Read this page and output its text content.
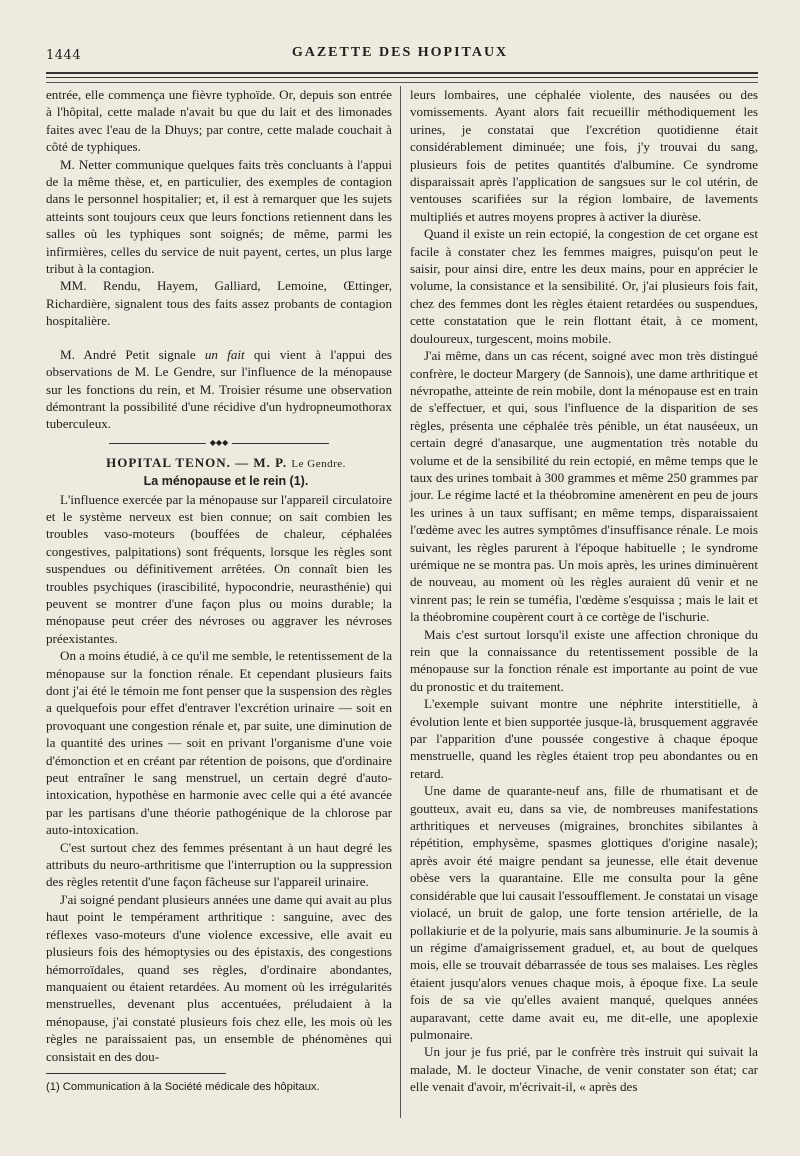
1444	GAZETTE DES HOPITAUX

entrée, elle commença une fièvre typhoïde. Or, depuis son entrée à l'hôpital, cette malade n'avait bu que du lait et des limonades faites avec l'eau de la Dhuys; par contre, cette malade couchait à côté de typhiques.

M. Netter communique quelques faits très concluants à l'appui de la même thèse, et, en particulier, des exemples de contagion dans le personnel hospitalier; et, il est à remarquer que les sujets atteints sont toujours ceux que leurs fonctions retiennent dans les salles où les typhiques sont soignés; de même, parmi les infirmières, celles du service de nuit payent, certes, un plus large tribut à la contagion.

MM. Rendu, Hayem, Galliard, Lemoine, Œttinger, Richardière, signalent tous des faits assez probants de contagion hospitalière.

M. André Petit signale un fait qui vient à l'appui des observations de M. Le Gendre, sur l'influence de la ménopause sur les fonctions du rein, et M. Troisier résume une observation démontrant la possibilité d'une récidive d'un hydropneumothorax tuberculeux.

◆◆◆

HOPITAL TENON. — M. P. Le Gendre.

La ménopause et le rein (1).

L'influence exercée par la ménopause sur l'appareil circulatoire et le système nerveux est bien connue; on sait combien les troubles vaso-moteurs (bouffées de chaleur, céphalées congestives, palpitations) sont fréquents, lorsque les règles sont suspendues ou définitivement arrêtées. On connaît bien les troubles psychiques (irascibilité, hypocondrie, neurasthénie) qui peuvent se montrer d'une façon plus ou moins durable; la ménopause peut créer des névroses ou aggraver les névroses préexistantes.

On a moins étudié, à ce qu'il me semble, le retentissement de la ménopause sur la fonction rénale. Et cependant plusieurs faits dont j'ai été le témoin me font penser que la suspension des règles a quelquefois pour effet d'entraver l'excrétion urinaire — soit en provoquant une congestion rénale et, par suite, une diminution de la quantité des urines — soit en privant l'organisme d'une voie d'émonction et en créant par rétention de poisons, que d'ordinaire peut entraîner le sang menstruel, un certain degré d'auto-intoxication, hypothèse en harmonie avec celle qui a été avancée par les partisans d'une théorie pathogénique de la chlorose par auto-intoxication.

C'est surtout chez des femmes présentant à un haut degré les attributs du neuro-arthritisme que l'interruption ou la suppression des règles retentit d'une façon fâcheuse sur l'appareil urinaire.

J'ai soigné pendant plusieurs années une dame qui avait au plus haut point le tempérament arthritique : sanguine, avec des réflexes vaso-moteurs d'une violence excessive, elle avait eu plusieurs fois des hémoptysies ou des épistaxis, des congestions hémorroïdales, quand ses règles, d'ordinaire abondantes, manquaient ou étaient retardées. Au moment où les irrégularités menstruelles, devenant plus accentuées, préludaient à la ménopause, j'ai constaté plusieurs fois chez elle, les mois où les règles ne paraissaient pas, un ensemble de phénomènes qui consistait en des dou-

(1) Communication à la Société médicale des hôpitaux.

leurs lombaires, une céphalée violente, des nausées ou des vomissements. Ayant alors fait recueillir méthodiquement les urines, je constatai que l'excrétion quotidienne était considérablement diminuée; une fois, j'y trouvai du sang, plusieurs fois de petites quantités d'albumine. Ce syndrome disparaissait après l'application de sangsues sur le col utérin, de ventouses scarifiées sur la région lombaire, de lavements multipliés et autres moyens propres à activer la diurèse.

Quand il existe un rein ectopié, la congestion de cet organe est facile à constater chez les femmes maigres, puisqu'on peut le saisir, pour ainsi dire, entre les deux mains, pour en apprécier le volume, la consistance et la sensibilité. Or, j'ai plusieurs fois fait, chez des femmes dont les règles étaient retardées ou suspendues, cette constatation que le rein flottant était, à ce moment, douloureux, turgescent, moins mobile.

J'ai même, dans un cas récent, soigné avec mon très distingué confrère, le docteur Margery (de Sannois), une dame arthritique et névropathe, atteinte de rein mobile, dont la ménopause est en train de s'effectuer, et qui, sous l'influence de la disparition de ses règles, présenta une céphalée très pénible, un état nauséeux, un certain degré d'anasarque, une augmentation très notable du volume et de la sensibilité du rein ectopié, en même temps que le taux des urines tombait à 300 grammes et même 250 grammes par jour. Le régime lacté et la théobromine amenèrent en peu de jours les urines à un taux suffisant; en même temps, disparaissaient l'œdème avec les autres symptômes d'insuffisance rénale. Le mois suivant, les règles parurent à l'époque habituelle ; le syndrome urémique ne se montra pas. Un mois après, les urines diminuèrent de nouveau, au moment où les règles auraient dû venir et ne vinrent pas; le rein se tuméfia, l'œdème s'esquissa ; mais le lait et la théobromine coupèrent court à ce cortège de l'ischurie.

Mais c'est surtout lorsqu'il existe une affection chronique du rein que la connaissance du retentissement possible de la ménopause sur la fonction rénale est importante au point de vue du pronostic et du traitement.

L'exemple suivant montre une néphrite interstitielle, à évolution lente et bien supportée jusque-là, brusquement aggravée par l'apparition d'une poussée congestive à chaque époque menstruelle, quand les règles étaient trop peu abondantes ou en retard.

Une dame de quarante-neuf ans, fille de rhumatisant et de goutteux, avait eu, dans sa vie, de nombreuses manifestations arthritiques et nerveuses (migraines, bronchites sibilantes à répétition, emphysème, spasmes glottiques d'origine nasale); après avoir été maigre pendant sa jeunesse, elle était devenue obèse vers la quarantaine. Elle me consulta pour la gêne considérable que lui causait l'essoufflement. Je constatai un visage violacé, un bruit de galop, une forte tension artérielle, de la pollakiurie et de la polyurie, mais sans albuminurie. Je la soumis à un régime d'amaigrissement graduel, et, au bout de quelques mois, elle se trouvait débarrassée de tous ses malaises. Les règles étaient jusqu'alors venues chaque mois, à époque fixe. La seule fois de sa vie qu'elles avaient manqué, quelques années auparavant, cette dame avait eu, me dit-elle, une apoplexie pulmonaire.

Un jour je fus prié, par le confrère très instruit qui suivait la malade, M. le docteur Vinache, de venir constater son état; car elle venait d'avoir, m'écrivait-il, « après des
